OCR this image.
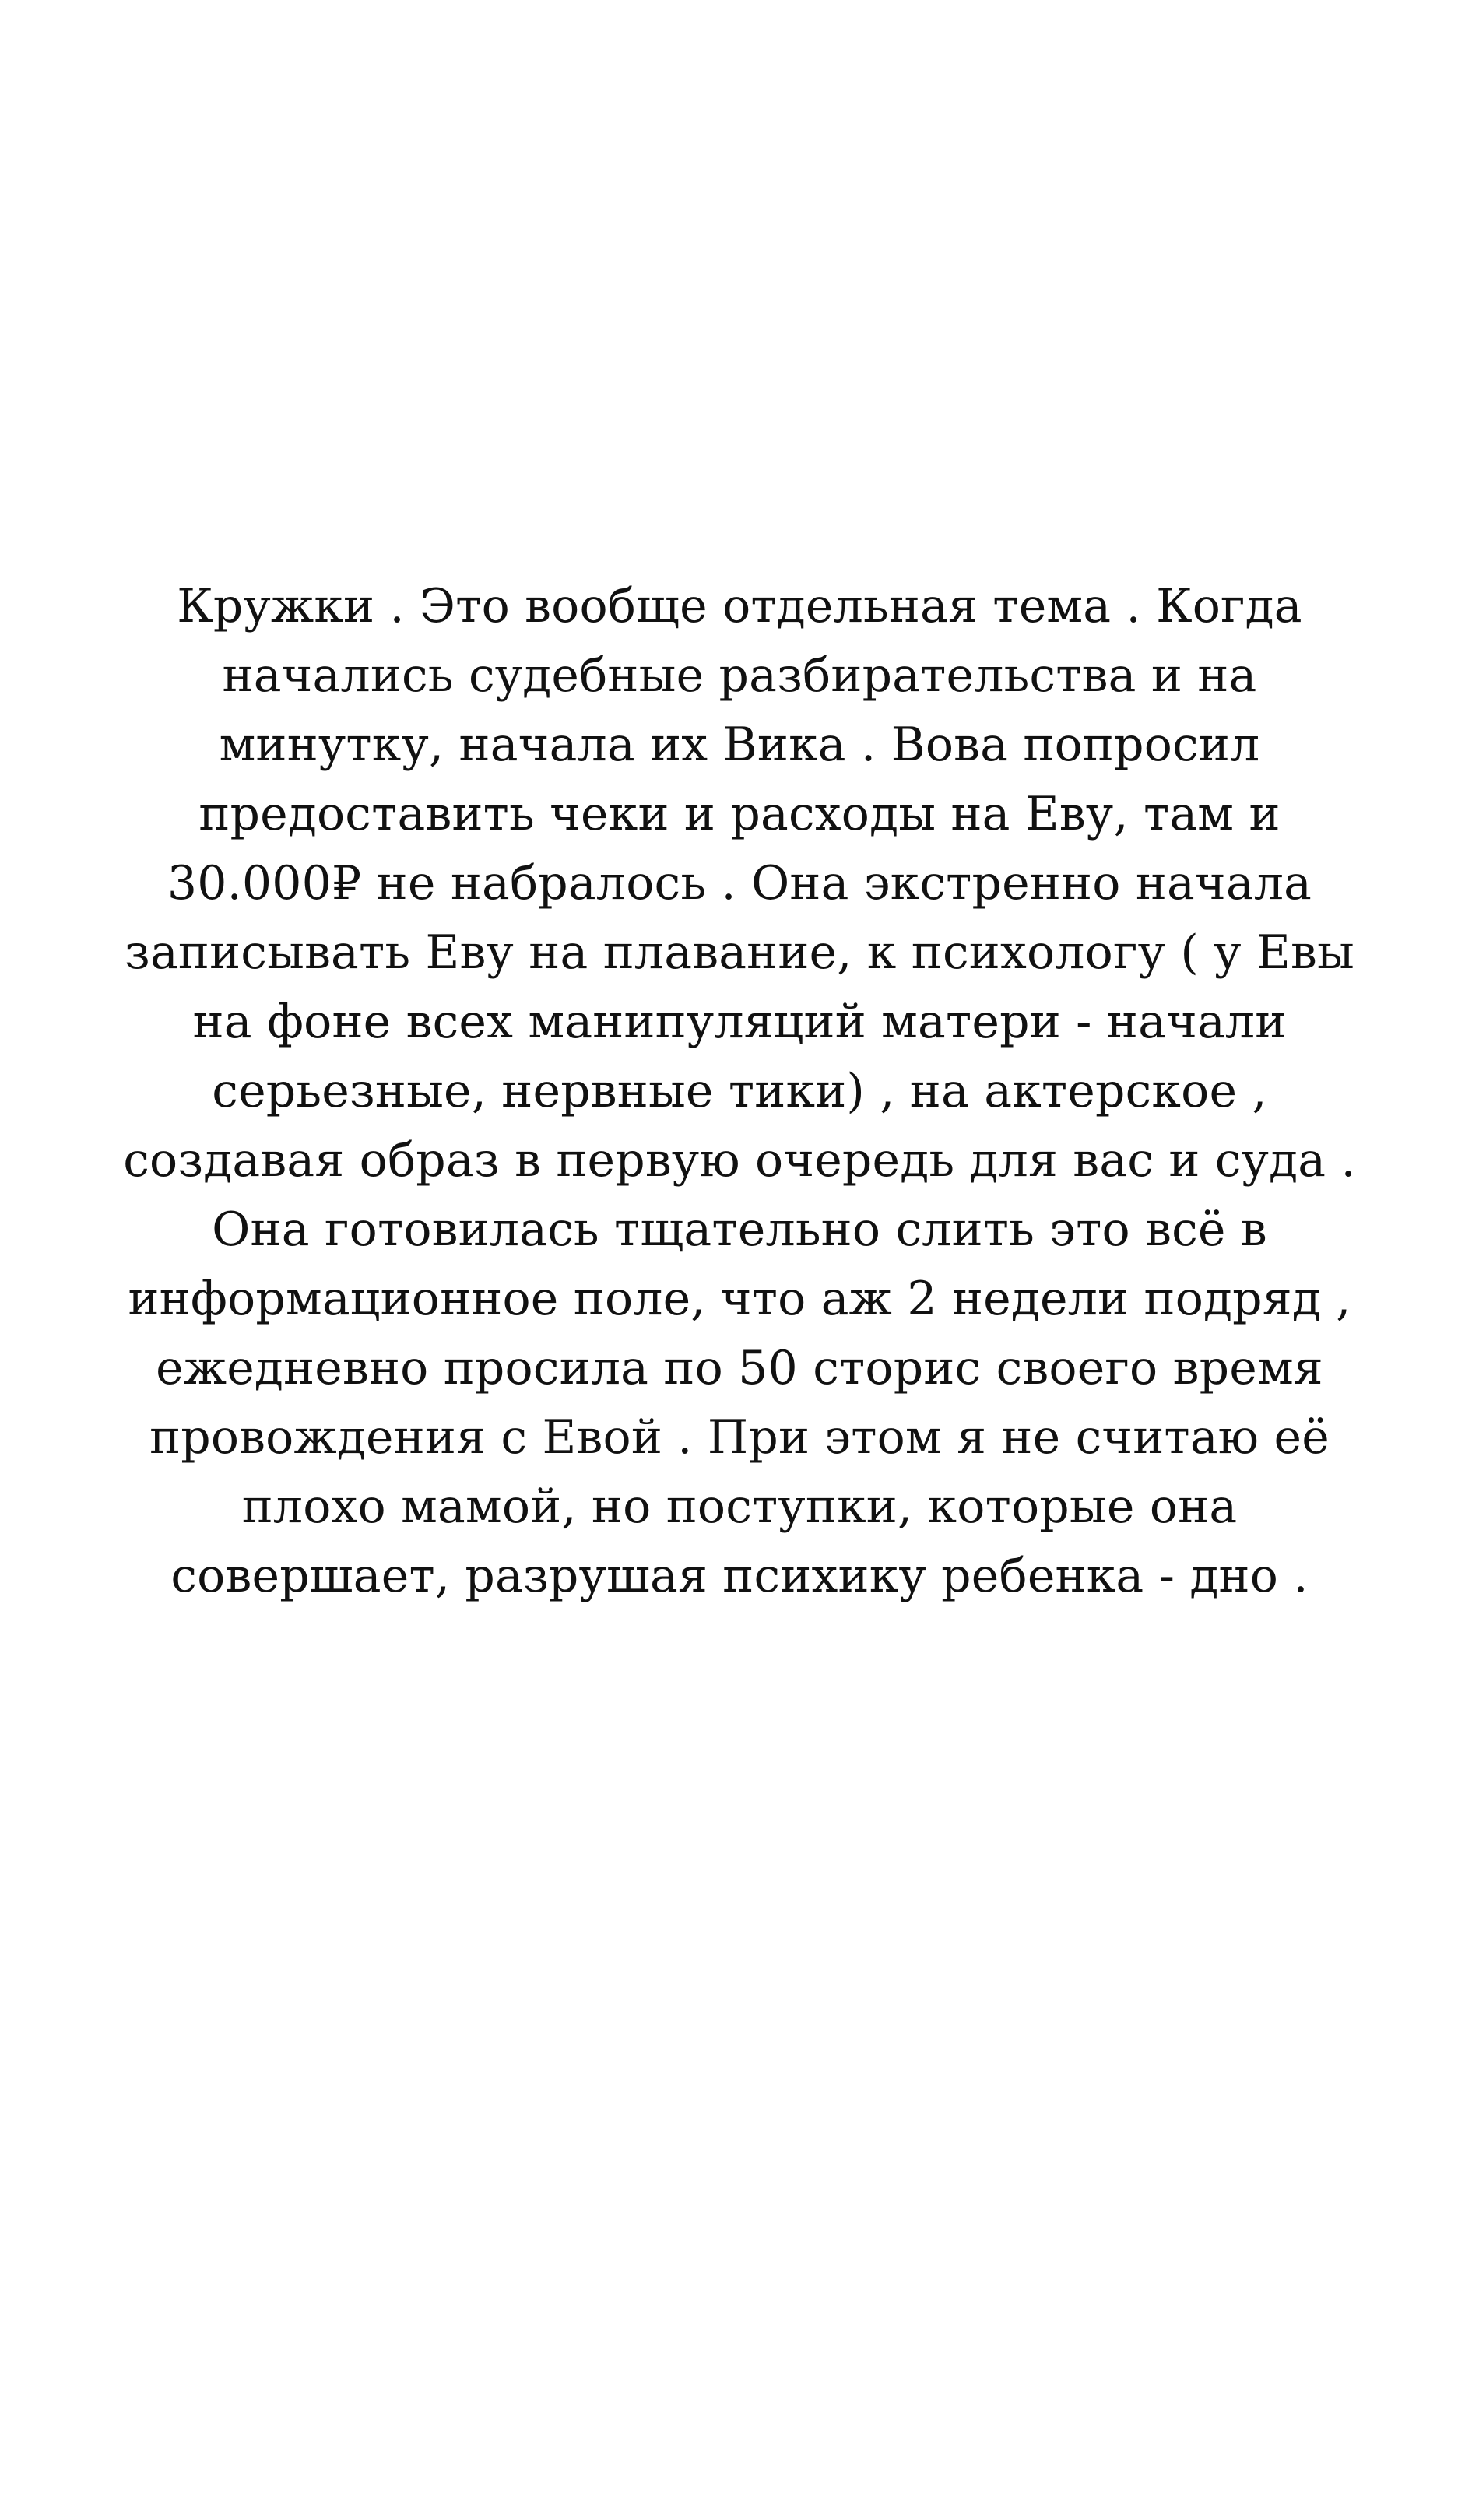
Кружки . Это вообще отдельная тема . Когда
начались судебные разбирательства и на
минутку, начала их Вика . Вова попросил
предоставить чеки и расходы на Еву, там и
30.000₽ не набралось . Она экстренно начала
записывать Еву на плавание, к психологу ( у Евы
на фоне всех манипуляций матери - начали
серьезные, нервные тики) , на актерское ,
создавая образ в первую очередь для вас и суда .
Она готовилась тщательно слить это всё в
информационное поле, что аж 2 недели подряд ,
ежедневно просила по 50 сторис своего время
провождения с Евой . При этом я не считаю её
плохо мамой, но поступки, которые она
совершает, разрушая психику ребенка - дно .
